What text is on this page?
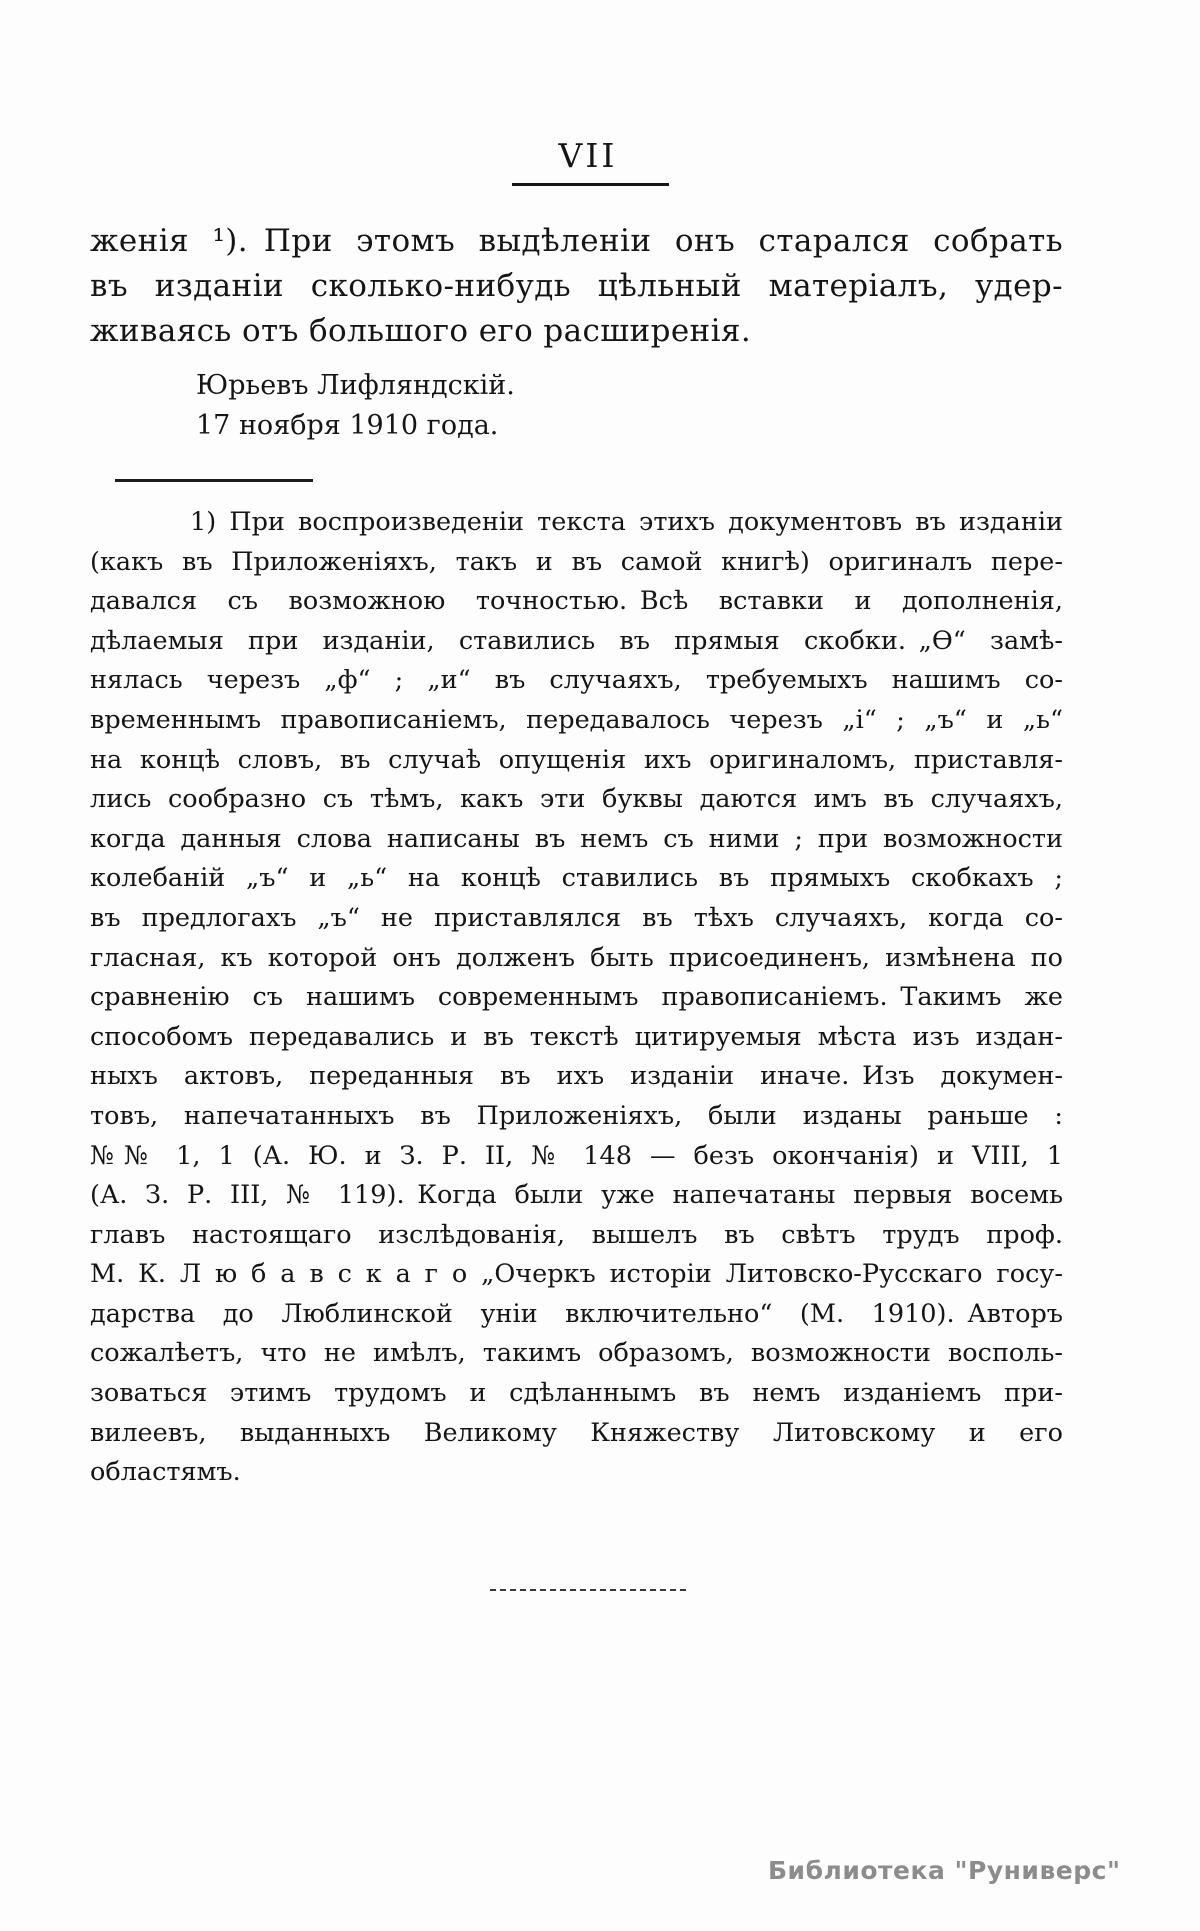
VII
женія ¹). При этомъ выдѣленіи онъ старался собрать
въ изданіи сколько-нибудь цѣльный матеріалъ, удер-
живаясь отъ большого его расширенія.
Юрьевъ Лифляндскій.
17 ноября 1910 года.
1) При воспроизведеніи текста этихъ документовъ въ изданіи
(какъ въ Приложеніяхъ, такъ и въ самой книгѣ) оригиналъ пере-
давался съ возможною точностью. Всѣ вставки и дополненія,
дѣлаемыя при изданіи, ставились въ прямыя скобки. „Ѳ“ замѣ-
нялась черезъ „ф“ ; „и“ въ случаяхъ, требуемыхъ нашимъ со-
временнымъ правописаніемъ, передавалось черезъ „і“ ; „ъ“ и „ь“
на концѣ словъ, въ случаѣ опущенія ихъ оригиналомъ, приставля-
лись сообразно съ тѣмъ, какъ эти буквы даются имъ въ случаяхъ,
когда данныя слова написаны въ немъ съ ними ; при возможности
колебаній „ъ“ и „ь“ на концѣ ставились въ прямыхъ скобкахъ ;
въ предлогахъ „ъ“ не приставлялся въ тѣхъ случаяхъ, когда со-
гласная, къ которой онъ долженъ быть присоединенъ, измѣнена по
сравненію съ нашимъ современнымъ правописаніемъ. Такимъ же
способомъ передавались и въ текстѣ цитируемыя мѣста изъ издан-
ныхъ актовъ, переданныя въ ихъ изданіи иначе. Изъ докумен-
товъ, напечатанныхъ въ Приложеніяхъ, были изданы раньше :
№№ 1, 1 (А. Ю. и З. Р. II, № 148 — безъ окончанія) и VIII, 1
(А. З. Р. III, № 119). Когда были уже напечатаны первыя восемь
главъ настоящаго изслѣдованія, вышелъ въ свѣтъ трудъ проф.
М. К. Л ю б а в с к а г о „Очеркъ исторіи Литовско-Русскаго госу-
дарства до Люблинской уніи включительно“ (М. 1910). Авторъ
сожалѣетъ, что не имѣлъ, такимъ образомъ, возможности восполь-
зоваться этимъ трудомъ и сдѣланнымъ въ немъ изданіемъ при-
вилеевъ, выданныхъ Великому Княжеству Литовскому и его
областямъ.
Библиотека "Руниверс"
